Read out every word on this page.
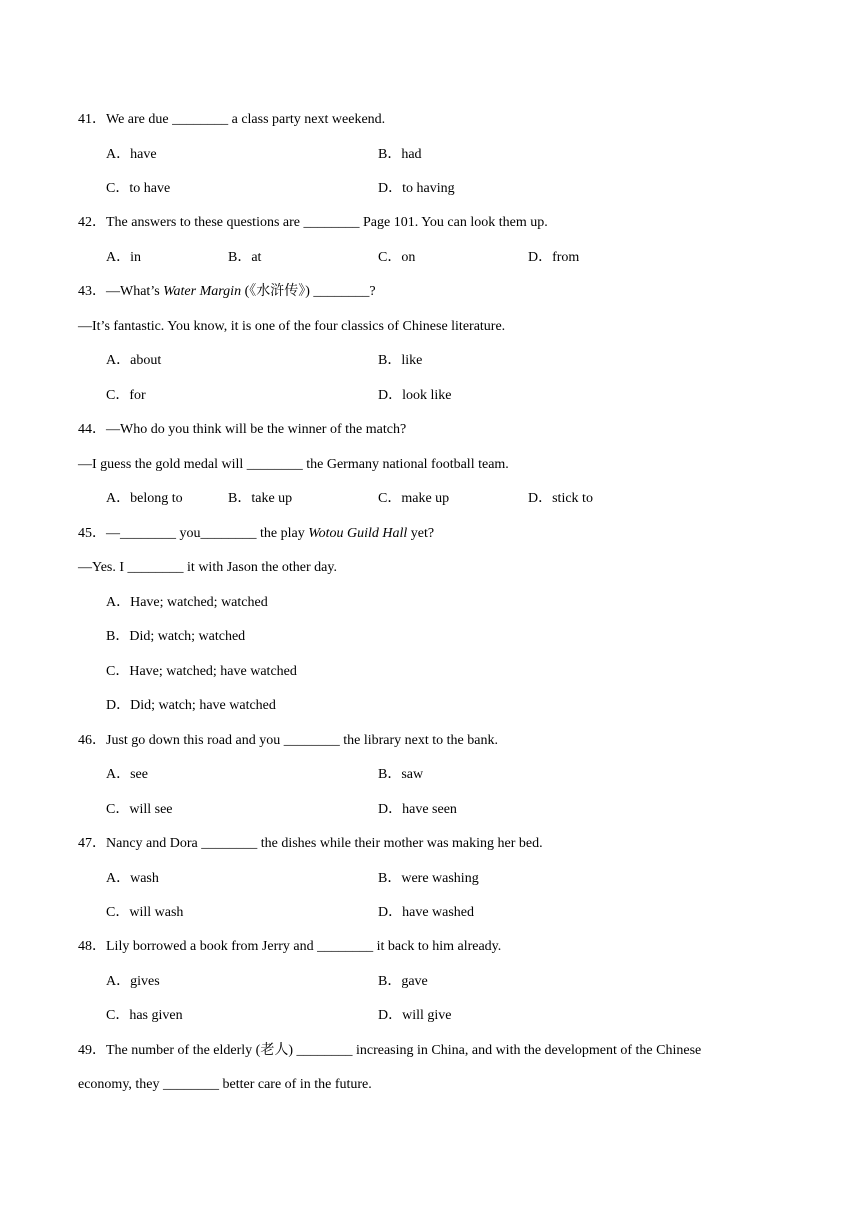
41．We are due ________ a class party next weekend.
A．have	B．had
C．to have	D．to having
42．The answers to these questions are ________ Page 101. You can look them up.
A．in	B．at	C．on	D．from
43．—What’s Water Margin (《水浒传》) ________?
—It’s fantastic. You know, it is one of the four classics of Chinese literature.
A．about	B．like
C．for	D．look like
44．—Who do you think will be the winner of the match?
—I guess the gold medal will ________ the Germany national football team.
A．belong to	B．take up	C．make up	D．stick to
45．—________ you________ the play Wotou Guild Hall yet?
—Yes. I ________ it with Jason the other day.
A．Have; watched; watched
B．Did; watch; watched
C．Have; watched; have watched
D．Did; watch; have watched
46．Just go down this road and you ________ the library next to the bank.
A．see	B．saw
C．will see	D．have seen
47．Nancy and Dora ________ the dishes while their mother was making her bed.
A．wash	B．were washing
C．will wash	D．have washed
48．Lily borrowed a book from Jerry and ________ it back to him already.
A．gives	B．gave
C．has given	D．will give
49．The number of the elderly (老人) ________ increasing in China, and with the development of the Chinese
economy, they ________ better care of in the future.
